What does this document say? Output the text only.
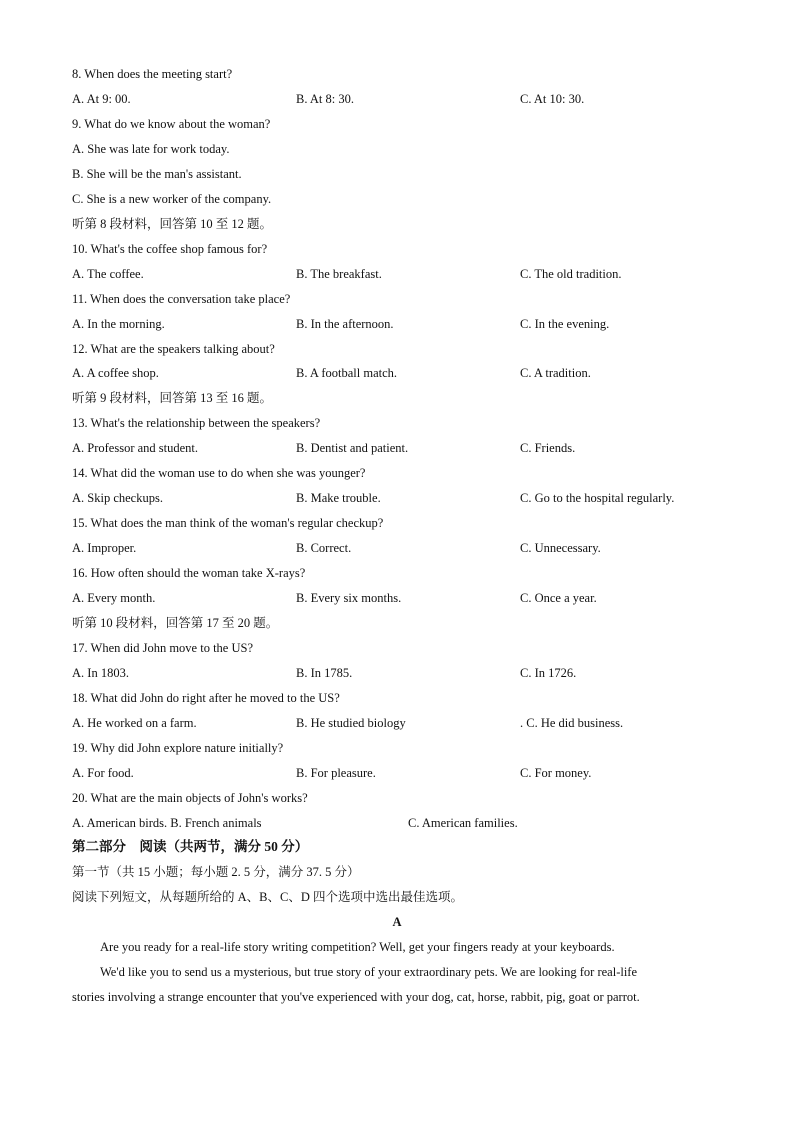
8. When does the meeting start?
A. At 9: 00.	B. At 8: 30.	C. At 10: 30.
9. What do we know about the woman?
A. She was late for work today.
B. She will be the man's assistant.
C. She is a new worker of the company.
听第 8 段材料，回答第 10 至 12 题。
10. What's the coffee shop famous for?
A. The coffee.	B. The breakfast.	C. The old tradition.
11. When does the conversation take place?
A. In the morning.	B. In the afternoon.	C. In the evening.
12. What are the speakers talking about?
A. A coffee shop.	B. A football match.	C. A tradition.
听第 9 段材料，回答第 13 至 16 题。
13. What's the relationship between the speakers?
A. Professor and student.	B. Dentist and patient.	C. Friends.
14. What did the woman use to do when she was younger?
A. Skip checkups.	B. Make trouble.	C. Go to the hospital regularly.
15. What does the man think of the woman's regular checkup?
A. Improper.	B. Correct.	C. Unnecessary.
16. How often should the woman take X-rays?
A. Every month.	B. Every six months.	C. Once a year.
听第 10 段材料，回答第 17 至 20 题。
17. When did John move to the US?
A. In 1803.	B. In 1785.	C. In 1726.
18. What did John do right after he moved to the US?
A. He worked on a farm.	B. He studied biology	. C. He did business.
19. Why did John explore nature initially?
A. For food.	B. For pleasure.	C. For money.
20. What are the main objects of John's works?
A. American birds. B. French animals	C. American families.
第二部分　阅读（共两节，满分 50 分）
第一节（共 15 小题；每小题 2. 5 分，满分 37. 5 分）
阅读下列短文，从每题所给的 A、B、C、D 四个选项中选出最佳选项。
A
Are you ready for a real-life story writing competition? Well, get your fingers ready at your keyboards.
We'd like you to send us a mysterious, but true story of your extraordinary pets. We are looking for real-life
stories involving a strange encounter that you've experienced with your dog, cat, horse, rabbit, pig, goat or parrot.
